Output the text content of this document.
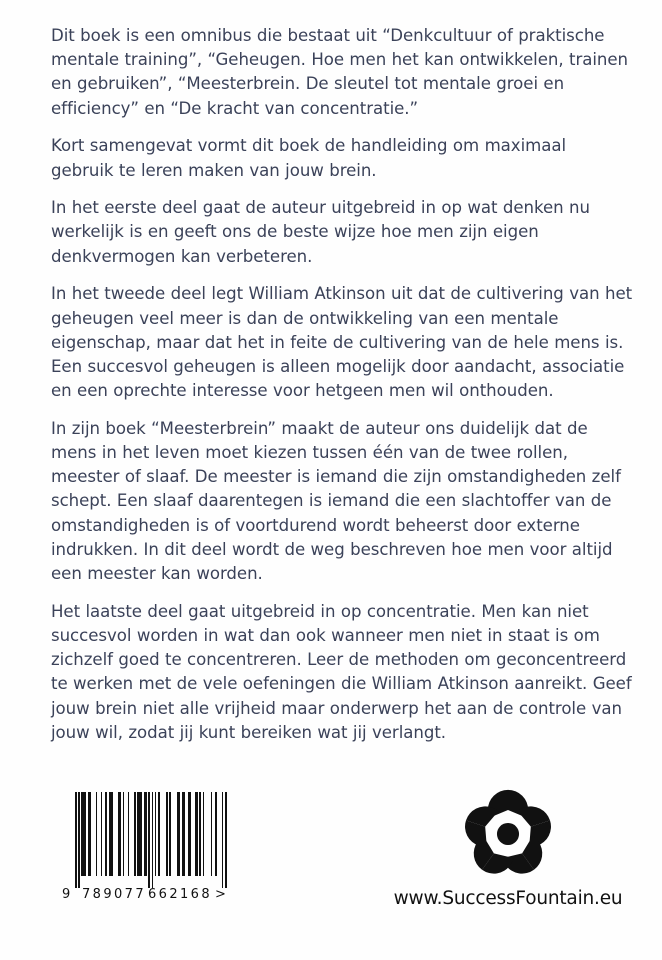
Dit boek is een omnibus die bestaat uit “Denkcultuur of praktische mentale training”, “Geheugen. Hoe men het kan ontwikkelen, trainen en gebruiken”, “Meesterbrein. De sleutel tot mentale groei en efficiency” en “De kracht van concentratie.”

Kort samengevat vormt dit boek de handleiding om maximaal gebruik te leren maken van jouw brein.

In het eerste deel gaat de auteur uitgebreid in op wat denken nu werkelijk is en geeft ons de beste wijze hoe men zijn eigen denkvermogen kan verbeteren.

In het tweede deel legt William Atkinson uit dat de cultivering van het geheugen veel meer is dan de ontwikkeling van een mentale eigenschap, maar dat het in feite de cultivering van de hele mens is. Een succesvol geheugen is alleen mogelijk door aandacht, associatie en een oprechte interesse voor hetgeen men wil onthouden.

In zijn boek “Meesterbrein” maakt de auteur ons duidelijk dat de mens in het leven moet kiezen tussen één van de twee rollen, meester of slaaf. De meester is iemand die zijn omstandigheden zelf schept. Een slaaf daarentegen is iemand die een slachtoffer van de omstandigheden is of voortdurend wordt beheerst door externe indrukken. In dit deel wordt de weg beschreven hoe men voor altijd een meester kan worden.

Het laatste deel gaat uitgebreid in op concentratie. Men kan niet succesvol worden in wat dan ook wanneer men niet in staat is om zichzelf goed te concentreren. Leer de methoden om geconcentreerd te werken met de vele oefeningen die William Atkinson aanreikt. Geef jouw brein niet alle vrijheid maar onderwerp het aan de controle van jouw wil, zodat jij kunt bereiken wat jij verlangt.

9 789077 662168 >	www.SuccessFountain.eu
